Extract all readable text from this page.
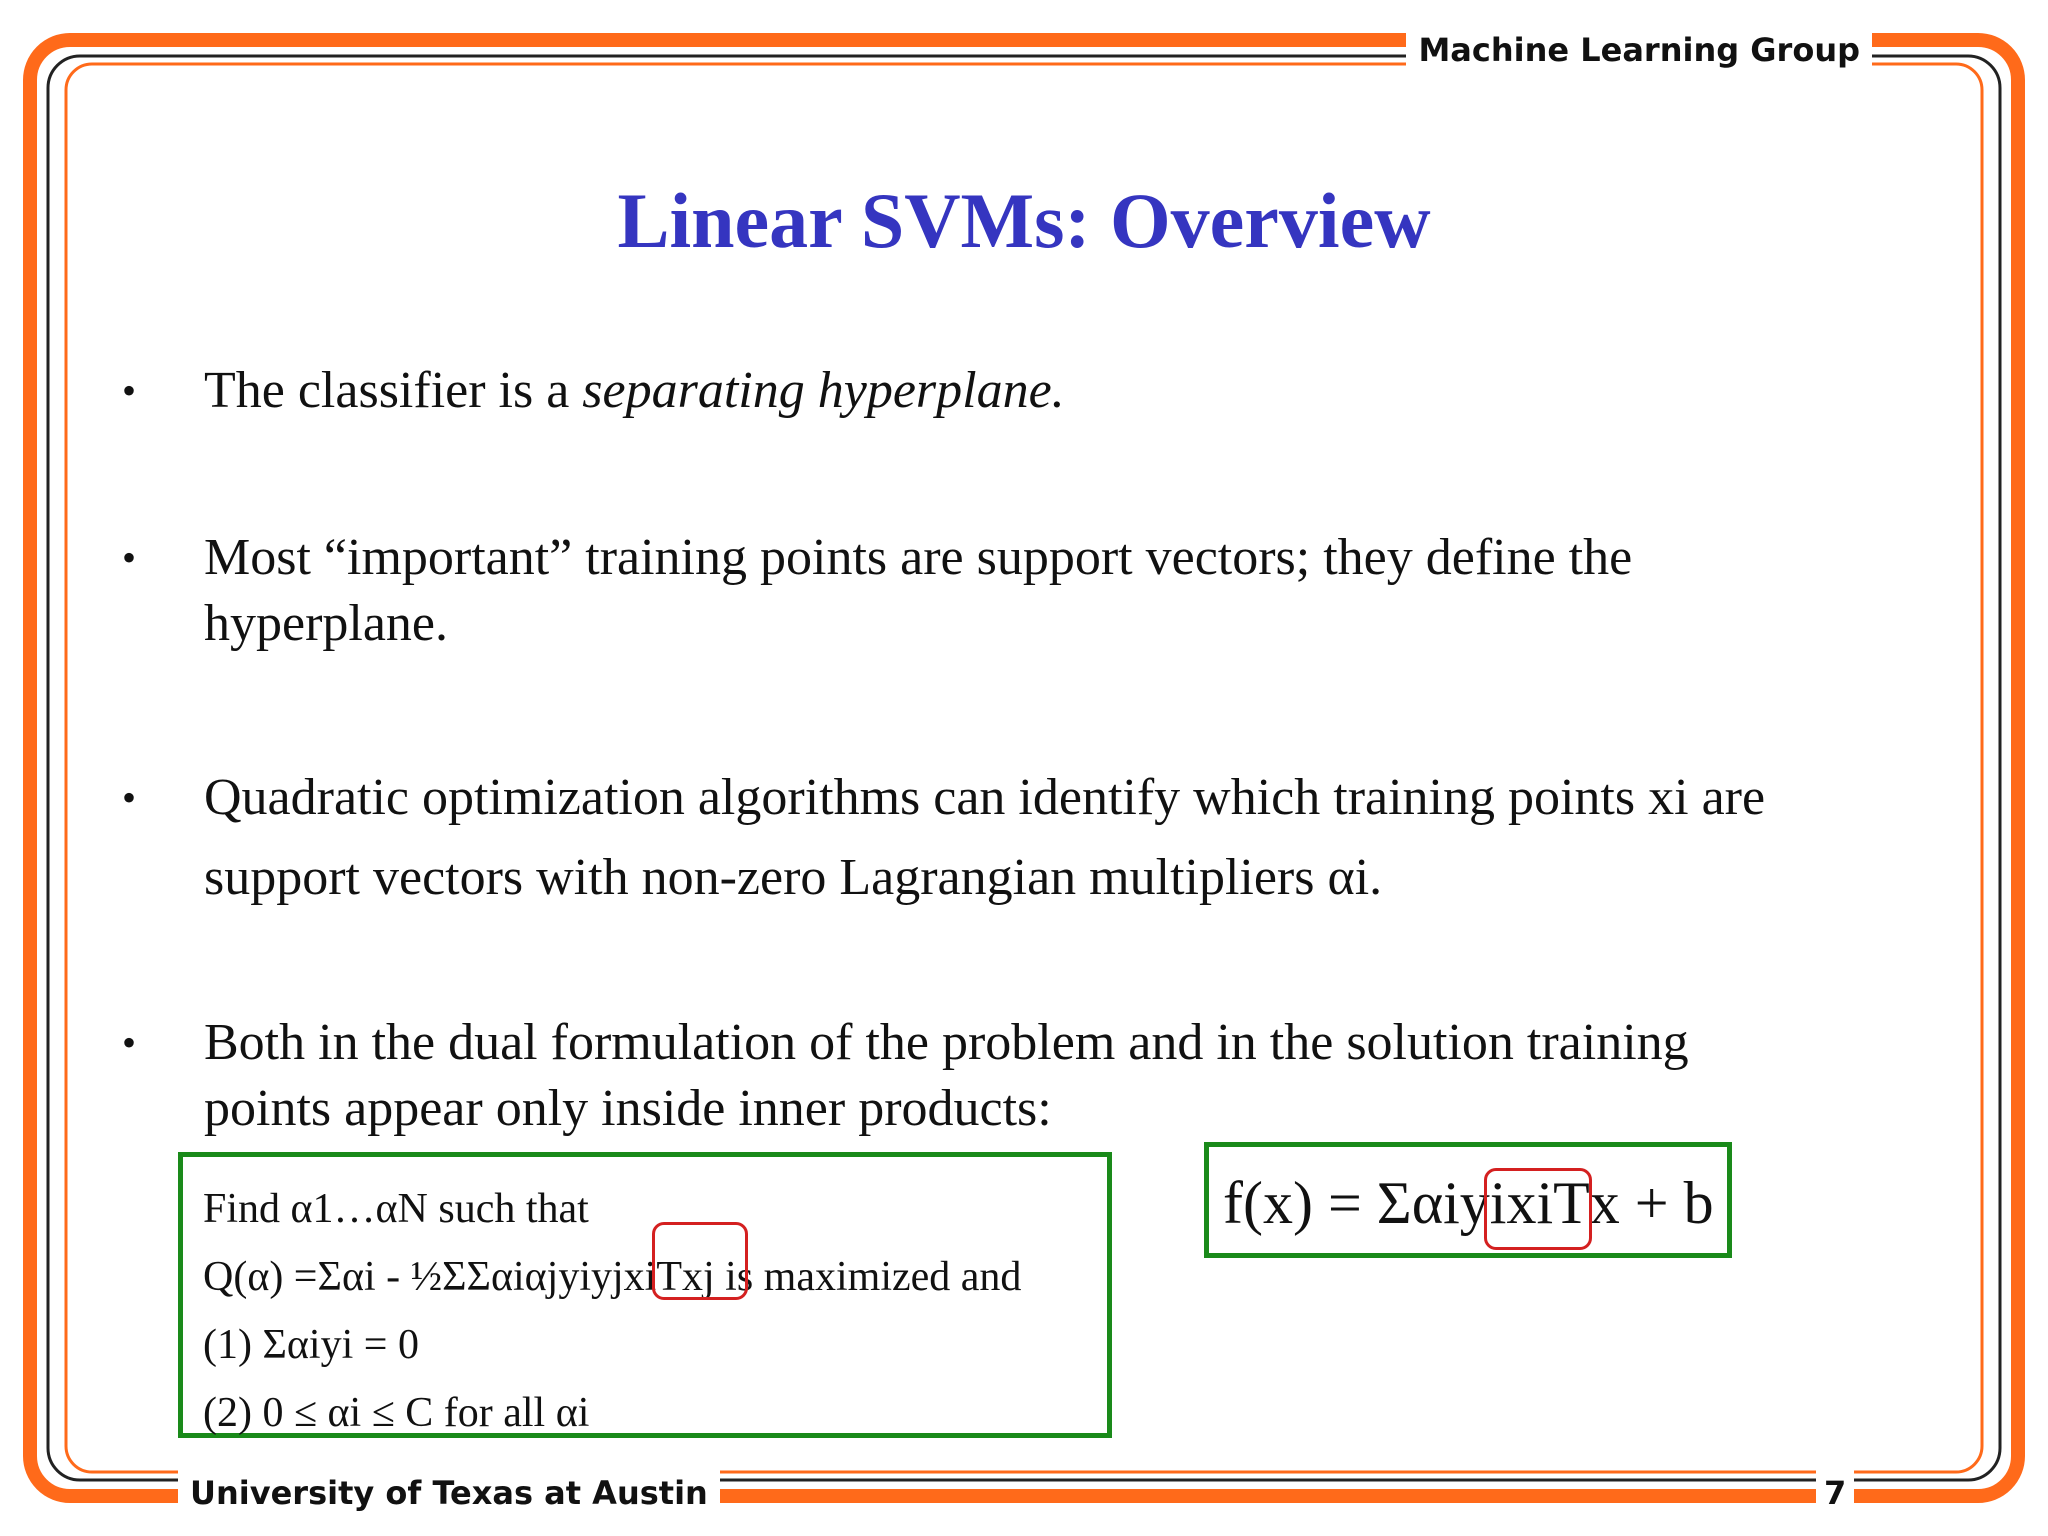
Machine Learning Group
Linear SVMs: Overview
• The classifier is a separating hyperplane.
• Most “important” training points are support vectors; they define the
hyperplane.
• Quadratic optimization algorithms can identify which training points xi are
support vectors with non-zero Lagrangian multipliers αi.
• Both in the dual formulation of the problem and in the solution training
points appear only inside inner products:
Find α1…αN such that
Q(α) =Σαi - ½ΣΣαiαjyiyjxiTxj is maximized and
(1) Σαiyi = 0
(2) 0 ≤ αi ≤ C for all αi
f(x) = ΣαiyixiTx + b
University of Texas at Austin	7
